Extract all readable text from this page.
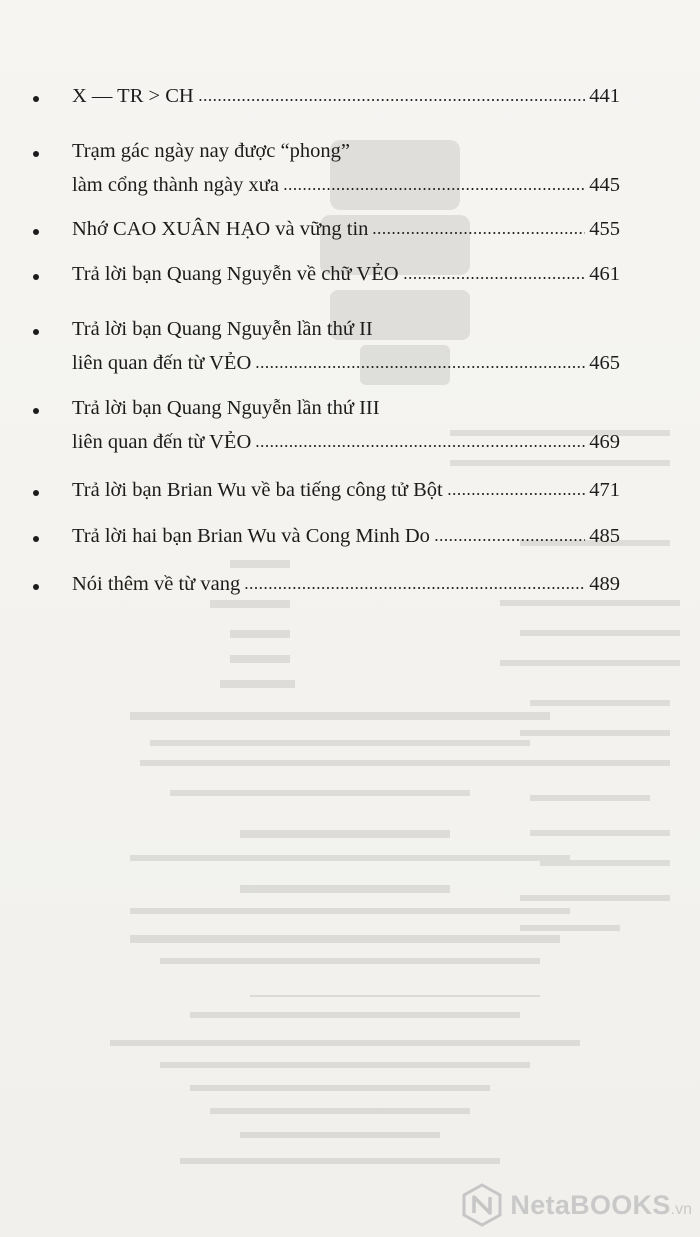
X — TR > CH	441
Trạm gác ngày nay được “phong”
làm cổng thành ngày xưa	445
Nhớ CAO XUÂN HẠO và vững tin	455
Trả lời bạn Quang Nguyễn về chữ VẺO	461
Trả lời bạn Quang Nguyễn lần thứ II
liên quan đến từ VẺO	465
Trả lời bạn Quang Nguyễn lần thứ III
liên quan đến từ VẺO	469
Trả lời bạn Brian Wu về ba tiếng công tử Bột	471
Trả lời hai bạn Brian Wu và Cong Minh Do	485
Nói thêm về từ vang	489
NetaBOOKS .vn
